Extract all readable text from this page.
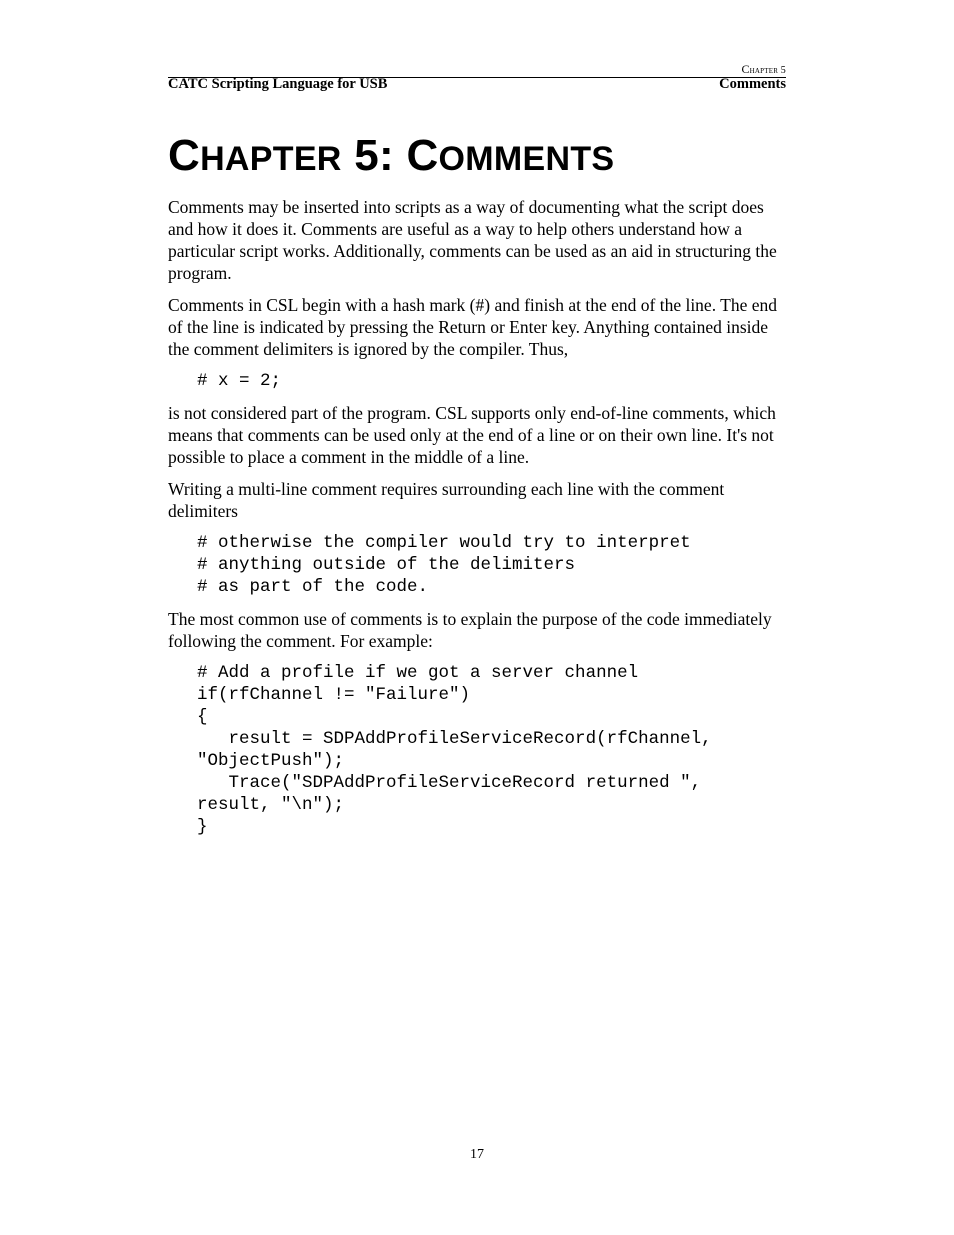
Chapter 5
CATC Scripting Language for USB	Comments
CHAPTER 5: COMMENTS

Comments may be inserted into scripts as a way of documenting what the script does and how it does it. Comments are useful as a way to help others understand how a particular script works. Additionally, comments can be used as an aid in structuring the program.

Comments in CSL begin with a hash mark (#) and finish at the end of the line. The end of the line is indicated by pressing the Return or Enter key. Anything contained inside the comment delimiters is ignored by the compiler. Thus,

# x = 2;

is not considered part of the program. CSL supports only end-of-line comments, which means that comments can be used only at the end of a line or on their own line. It's not possible to place a comment in the middle of a line.

Writing a multi-line comment requires surrounding each line with the comment delimiters

# otherwise the compiler would try to interpret
# anything outside of the delimiters
# as part of the code.

The most common use of comments is to explain the purpose of the code immediately following the comment. For example:

# Add a profile if we got a server channel
if(rfChannel != "Failure")
{
result = SDPAddProfileServiceRecord(rfChannel,
"ObjectPush");
Trace("SDPAddProfileServiceRecord returned ",
result, "\n");
}
17
